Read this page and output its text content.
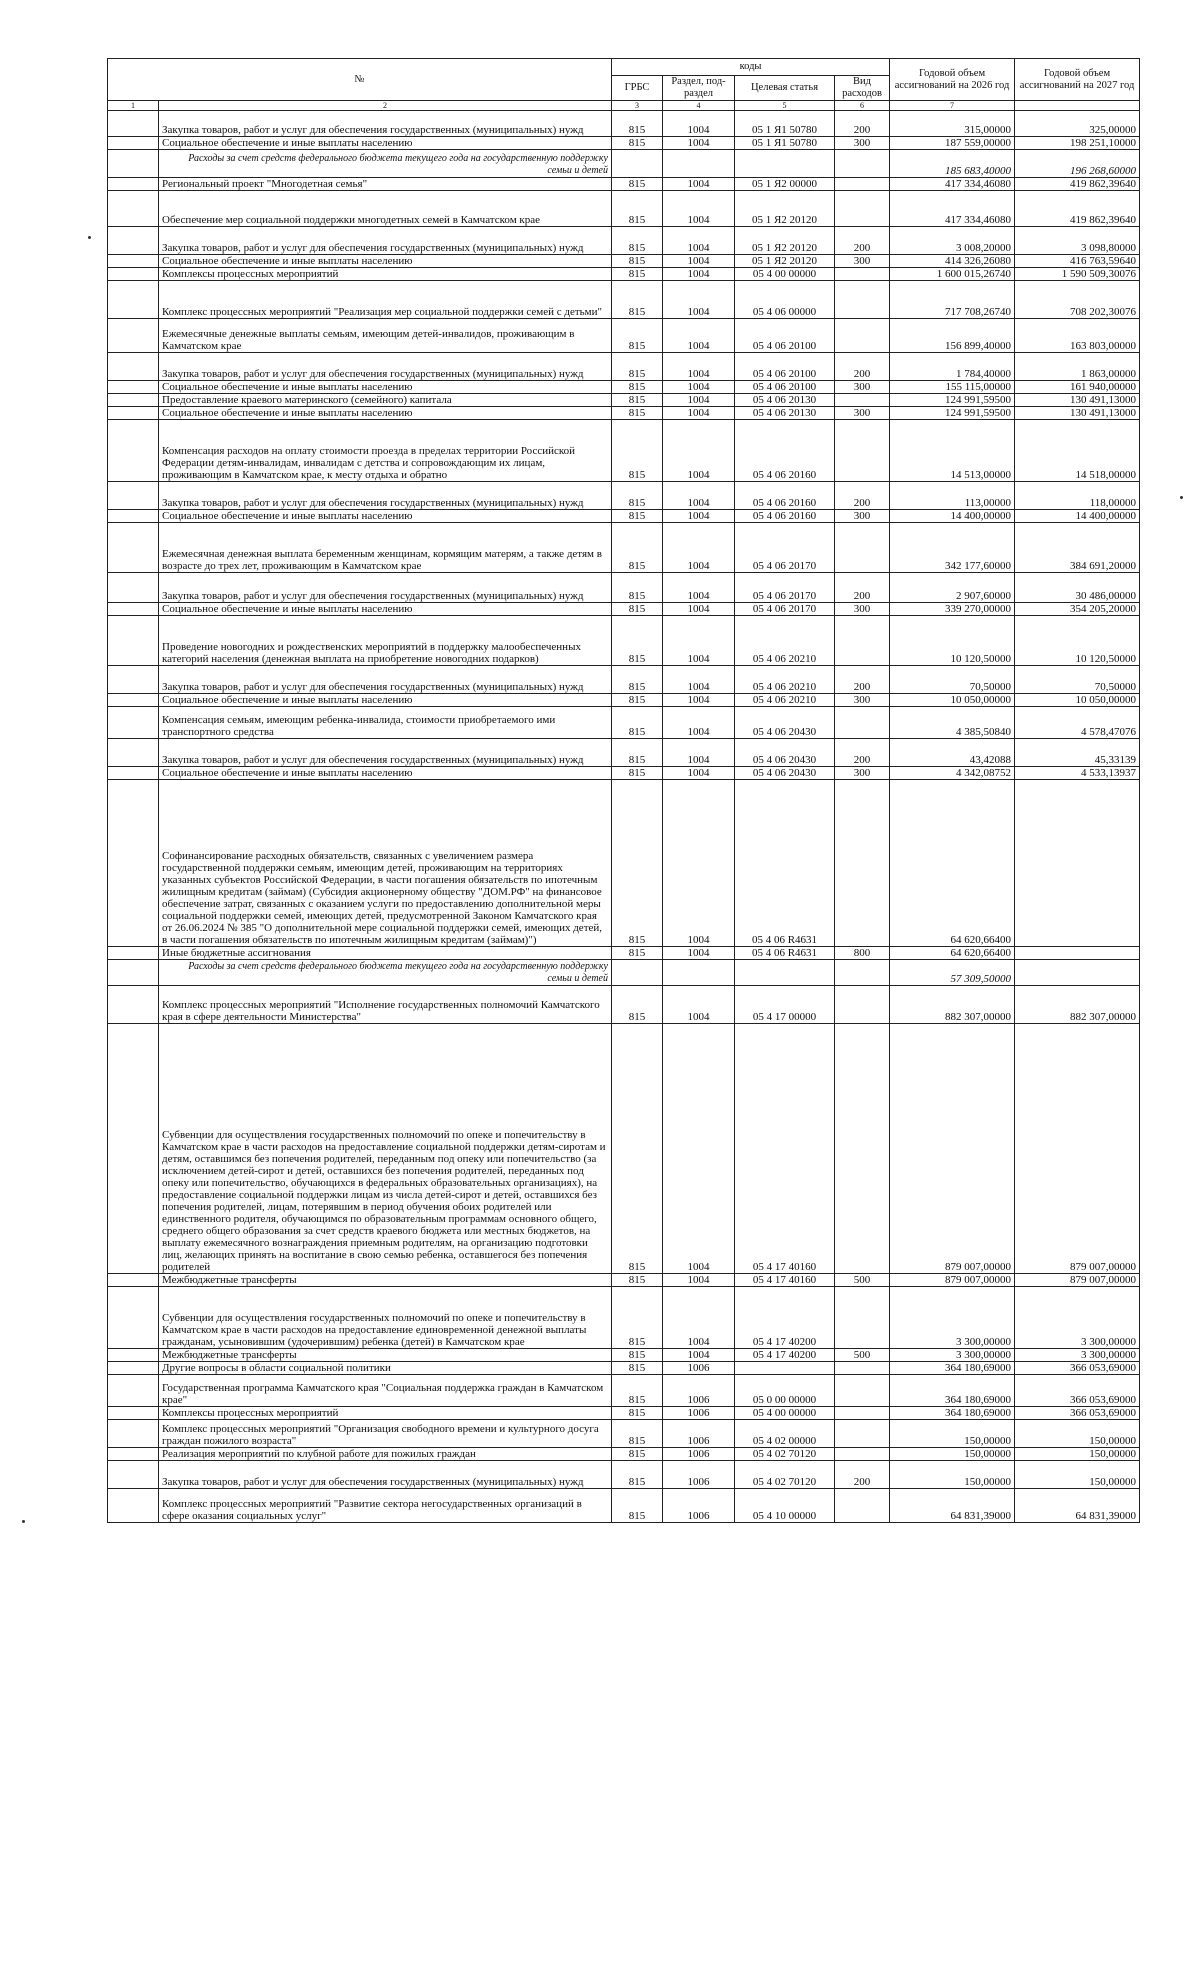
№		коды				Годовой объем ассигнований на 2026 год	Годовой объем ассигнований на 2027 год
		ГРБС	Раздел, под-раздел	Целевая статья	Вид расходов		
1	2	3	4	5	6	7	
	Закупка товаров, работ и услуг для обеспечения государственных (муниципальных) нужд	815	1004	05 1 Я1 50780	200	315,00000	325,00000
	Социальное обеспечение и иные выплаты населению	815	1004	05 1 Я1 50780	300	187 559,00000	198 251,10000
	Расходы за счет средств федерального бюджета текущего года на государственную поддержку семьи и детей					185 683,40000	196 268,60000
	Региональный проект "Многодетная семья"	815	1004	05 1 Я2 00000		417 334,46080	419 862,39640
	Обеспечение мер социальной поддержки многодетных семей в Камчатском крае	815	1004	05 1 Я2 20120		417 334,46080	419 862,39640
	Закупка товаров, работ и услуг для обеспечения государственных (муниципальных) нужд	815	1004	05 1 Я2 20120	200	3 008,20000	3 098,80000
	Социальное обеспечение и иные выплаты населению	815	1004	05 1 Я2 20120	300	414 326,26080	416 763,59640
	Комплексы процессных мероприятий	815	1004	05 4 00 00000		1 600 015,26740	1 590 509,30076
	Комплекс процессных мероприятий "Реализация мер социальной поддержки семей с детьми"	815	1004	05 4 06 00000		717 708,26740	708 202,30076
	Ежемесячные денежные выплаты семьям, имеющим детей-инвалидов, проживающим в Камчатском крае	815	1004	05 4 06 20100		156 899,40000	163 803,00000
	Закупка товаров, работ и услуг для обеспечения государственных (муниципальных) нужд	815	1004	05 4 06 20100	200	1 784,40000	1 863,00000
	Социальное обеспечение и иные выплаты населению	815	1004	05 4 06 20100	300	155 115,00000	161 940,00000
	Предоставление краевого материнского (семейного) капитала	815	1004	05 4 06 20130		124 991,59500	130 491,13000
	Социальное обеспечение и иные выплаты населению	815	1004	05 4 06 20130	300	124 991,59500	130 491,13000
	Компенсация расходов на оплату стоимости проезда в пределах территории Российской Федерации детям-инвалидам, инвалидам с детства и сопровождающим их лицам, проживающим в Камчатском крае, к месту отдыха и обратно	815	1004	05 4 06 20160		14 513,00000	14 518,00000
	Закупка товаров, работ и услуг для обеспечения государственных (муниципальных) нужд	815	1004	05 4 06 20160	200	113,00000	118,00000
	Социальное обеспечение и иные выплаты населению	815	1004	05 4 06 20160	300	14 400,00000	14 400,00000
	Ежемесячная денежная выплата беременным женщинам, кормящим матерям, а также детям в возрасте до трех лет, проживающим в Камчатском крае	815	1004	05 4 06 20170		342 177,60000	384 691,20000
	Закупка товаров, работ и услуг для обеспечения государственных (муниципальных) нужд	815	1004	05 4 06 20170	200	2 907,60000	30 486,00000
	Социальное обеспечение и иные выплаты населению	815	1004	05 4 06 20170	300	339 270,00000	354 205,20000
	Проведение новогодних и рождественских мероприятий в поддержку малообеспеченных категорий населения (денежная выплата на приобретение новогодних подарков)	815	1004	05 4 06 20210		10 120,50000	10 120,50000
	Закупка товаров, работ и услуг для обеспечения государственных (муниципальных) нужд	815	1004	05 4 06 20210	200	70,50000	70,50000
	Социальное обеспечение и иные выплаты населению	815	1004	05 4 06 20210	300	10 050,00000	10 050,00000
	Компенсация семьям, имеющим ребенка-инвалида, стоимости приобретаемого ими транспортного средства	815	1004	05 4 06 20430		4 385,50840	4 578,47076
	Закупка товаров, работ и услуг для обеспечения государственных (муниципальных) нужд	815	1004	05 4 06 20430	200	43,42088	45,33139
	Социальное обеспечение и иные выплаты населению	815	1004	05 4 06 20430	300	4 342,08752	4 533,13937
	Софинансирование расходных обязательств, связанных с увеличением размера государственной поддержки семьям, имеющим детей, проживающим на территориях указанных субъектов Российской Федерации, в части погашения обязательств по ипотечным жилищным кредитам (займам) (Субсидия акционерному обществу "ДОМ.РФ" на финансовое обеспечение затрат, связанных с оказанием услуги по предоставлению дополнительной меры социальной поддержки семей, имеющих детей, предусмотренной Законом Камчатского края от 26.06.2024 № 385 "О дополнительной мере социальной поддержки семей, имеющих детей, в части погашения обязательств по ипотечным жилищным кредитам (займам)")	815	1004	05 4 06 R4631		64 620,66400	
	Иные бюджетные ассигнования	815	1004	05 4 06 R4631	800	64 620,66400	
	Расходы за счет средств федерального бюджета текущего года на государственную поддержку семьи и детей					57 309,50000	
	Комплекс процессных мероприятий "Исполнение государственных полномочий Камчатского края в сфере деятельности Министерства"	815	1004	05 4 17 00000		882 307,00000	882 307,00000
	Субвенции для осуществления государственных полномочий по опеке и попечительству в Камчатском крае в части расходов на предоставление социальной поддержки детям-сиротам и детям, оставшимся без попечения родителей, переданным под опеку или попечительство (за исключением детей-сирот и детей, оставшихся без попечения родителей, переданных под опеку или попечительство, обучающихся в федеральных образовательных организациях), на предоставление социальной поддержки лицам из числа детей-сирот и детей, оставшихся без попечения родителей, лицам, потерявшим в период обучения обоих родителей или единственного родителя, обучающимся по образовательным программам основного общего, среднего общего образования за счет средств краевого бюджета или местных бюджетов, на выплату ежемесячного вознаграждения приемным родителям, на организацию подготовки лиц, желающих принять на воспитание в свою семью ребенка, оставшегося без попечения родителей	815	1004	05 4 17 40160		879 007,00000	879 007,00000
	Межбюджетные трансферты	815	1004	05 4 17 40160	500	879 007,00000	879 007,00000
	Субвенции для осуществления государственных полномочий по опеке и попечительству в Камчатском крае в части расходов на предоставление единовременной денежной выплаты гражданам, усыновившим (удочерившим) ребенка (детей) в Камчатском крае	815	1004	05 4 17 40200		3 300,00000	3 300,00000
	Межбюджетные трансферты	815	1004	05 4 17 40200	500	3 300,00000	3 300,00000
	Другие вопросы в области социальной политики	815	1006			364 180,69000	366 053,69000
	Государственная программа Камчатского края "Социальная поддержка граждан в Камчатском крае"	815	1006	05 0 00 00000		364 180,69000	366 053,69000
	Комплексы процессных мероприятий	815	1006	05 4 00 00000		364 180,69000	366 053,69000
	Комплекс процессных мероприятий "Организация свободного времени и культурного досуга граждан пожилого возраста"	815	1006	05 4 02 00000		150,00000	150,00000
	Реализация мероприятий по клубной работе для пожилых граждан	815	1006	05 4 02 70120		150,00000	150,00000
	Закупка товаров, работ и услуг для обеспечения государственных (муниципальных) нужд	815	1006	05 4 02 70120	200	150,00000	150,00000
	Комплекс процессных мероприятий "Развитие сектора негосударственных организаций в сфере оказания социальных услуг"	815	1006	05 4 10 00000		64 831,39000	64 831,39000
